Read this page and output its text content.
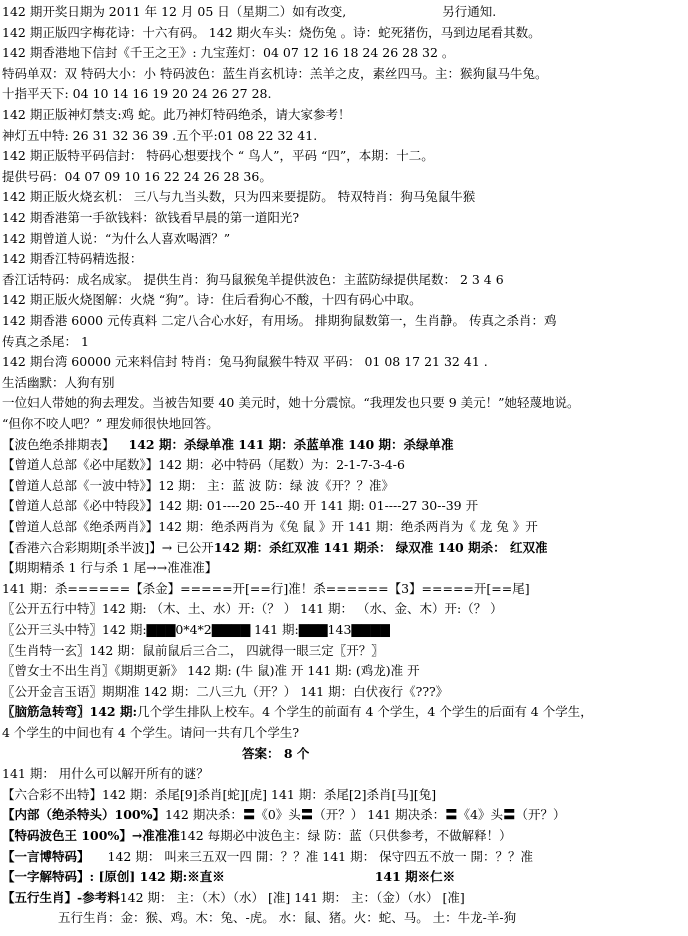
142 期开奖日期为 2011 年 12 月 05 日（星期二）如有改变,	另行通知.
142 期正版四字梅花诗：十六有码。 142 期火车头：烧伤兔 。诗：蛇死猪伤，马到边尾看其数。
142 期香港地下信封《千王之王》: 九宝莲灯：04 07 12 16 18 24 26 28 32 。
特码单双：双 特码大小：小 特码波色：蓝生肖玄机诗：羔羊之皮，素丝四马。主：猴狗鼠马牛兔。
十指平天下: 04 10 14 16 19 20 24 26 27 28.
142 期正版神灯禁支:鸡 蛇。此乃神灯特码绝杀，请大家参考！
神灯五中特: 26 31 32 36 39 .五个平:01 08 22 32 41.
142 期正版特平码信封： 特码心想要找个 “ 鸟人”，平码 “四”，本期：十二。
提供号码：04 07 09 10 16 22 24 26 28 36。
142 期正版火烧玄机： 三八与九当头数，只为四来要提防。 特双特肖：狗马兔鼠牛猴
142 期香港第一手欲钱料：欲钱看早晨的第一道阳光?
142 期曾道人说：“为什么人喜欢喝酒？”
142 期香江特码精选报：
香江话特码：成名成家。 提供生肖：狗马鼠猴兔羊提供波色：主蓝防绿提供尾数： 2 3 4 6
142 期正版火烧图解：火烧 “狗”。诗：住后看狗心不酸，十四有码心中取。
142 期香港 6000 元传真料 二定八合心水好，有用场。 排期狗鼠数第一，生肖静。 传真之杀肖：鸡
传真之杀尾： 1
142 期台湾 60000 元来料信封 特肖：兔马狗鼠猴牛特双 平码： 01 08 17 21 32 41 .
生活幽默：人狗有别
一位妇人带她的狗去理发。当被告知要 40 美元时，她十分震惊。“我理发也只要 9 美元！”她轻蔑地说。
“但你不咬人吧？” 理发师很快地回答。
【波色绝杀排期表】 142 期：杀绿单准 141 期：杀蓝单准 140 期：杀绿单准
【曾道人总部《必中尾数》】142 期：必中特码（尾数）为：2-1-7-3-4-6
【曾道人总部《一波中特》】12 期： 主：蓝 波 防：绿 波《开？？准》
【曾道人总部《必中特段》】142 期: 01----20 25--40 开 141 期: 01----27 30--39 开
【曾道人总部《绝杀两肖》】142 期：绝杀两肖为《兔 鼠 》开 141 期：绝杀两肖为《 龙 兔 》开
【香港六合彩期期[杀半波]】→ 已公开142 期：杀红双准 141 期杀： 绿双准 140 期杀： 红双准
【期期精杀 1 行与杀 1 尾→→准准准】
141 期：杀======【杀金】=====开[==行]准！杀======【3】=====开[==尾]
〖公开五行中特〗142 期: （木、土、水）开:（？ ） 141 期： （水、金、木）开:（？ ）
〖公开三头中特〗142 期:▇▇▇0*4*2▇▇▇▇ 141 期:▇▇▇143▇▇▇▇
〖生肖特一玄〗142 期：鼠前鼠后三合二， 四就得一眼三定〖开？〗
〖曾女士不出生肖〗《期期更新》 142 期: (牛 鼠)准 开 141 期: (鸡龙)准 开
〖公开金言玉语〗期期准 142 期：二八三九（开？） 141 期：白伏夜行《???》
〖脑筋急转弯〗142 期:几个学生排队上校车。4 个学生的前面有 4 个学生，4 个学生的后面有 4 个学生，
4 个学生的中间也有 4 个学生。请问一共有几个学生?
答案： 8 个
141 期： 用什么可以解开所有的谜？
【六合彩不出特】142 期：杀尾[9]杀肖[蛇][虎] 141 期：杀尾[2]杀肖[马][兔]
【内部（绝杀特头）100%】142 期决杀：〓《0》头〓（开？） 141 期决杀：〓《4》头〓（开？）
【特码波色王 100%】→准准准142 每期必中波色主：绿 防：蓝（只供参考，不做解释！）
【一言博特码】 142 期： 叫来三五双一四 開：？？准 141 期： 保守四五不放一 開：？？准
【一字解特码】: [原创] 142 期:※直※	141 期※仁※
【五行生肖】-参考料142 期： 主：（木）（水） [准] 141 期： 主：（金）（水） [准]
五行生肖：金：猴、鸡。木：兔、-虎。 水：鼠、猪。火：蛇、马。 土：牛龙-羊-狗
